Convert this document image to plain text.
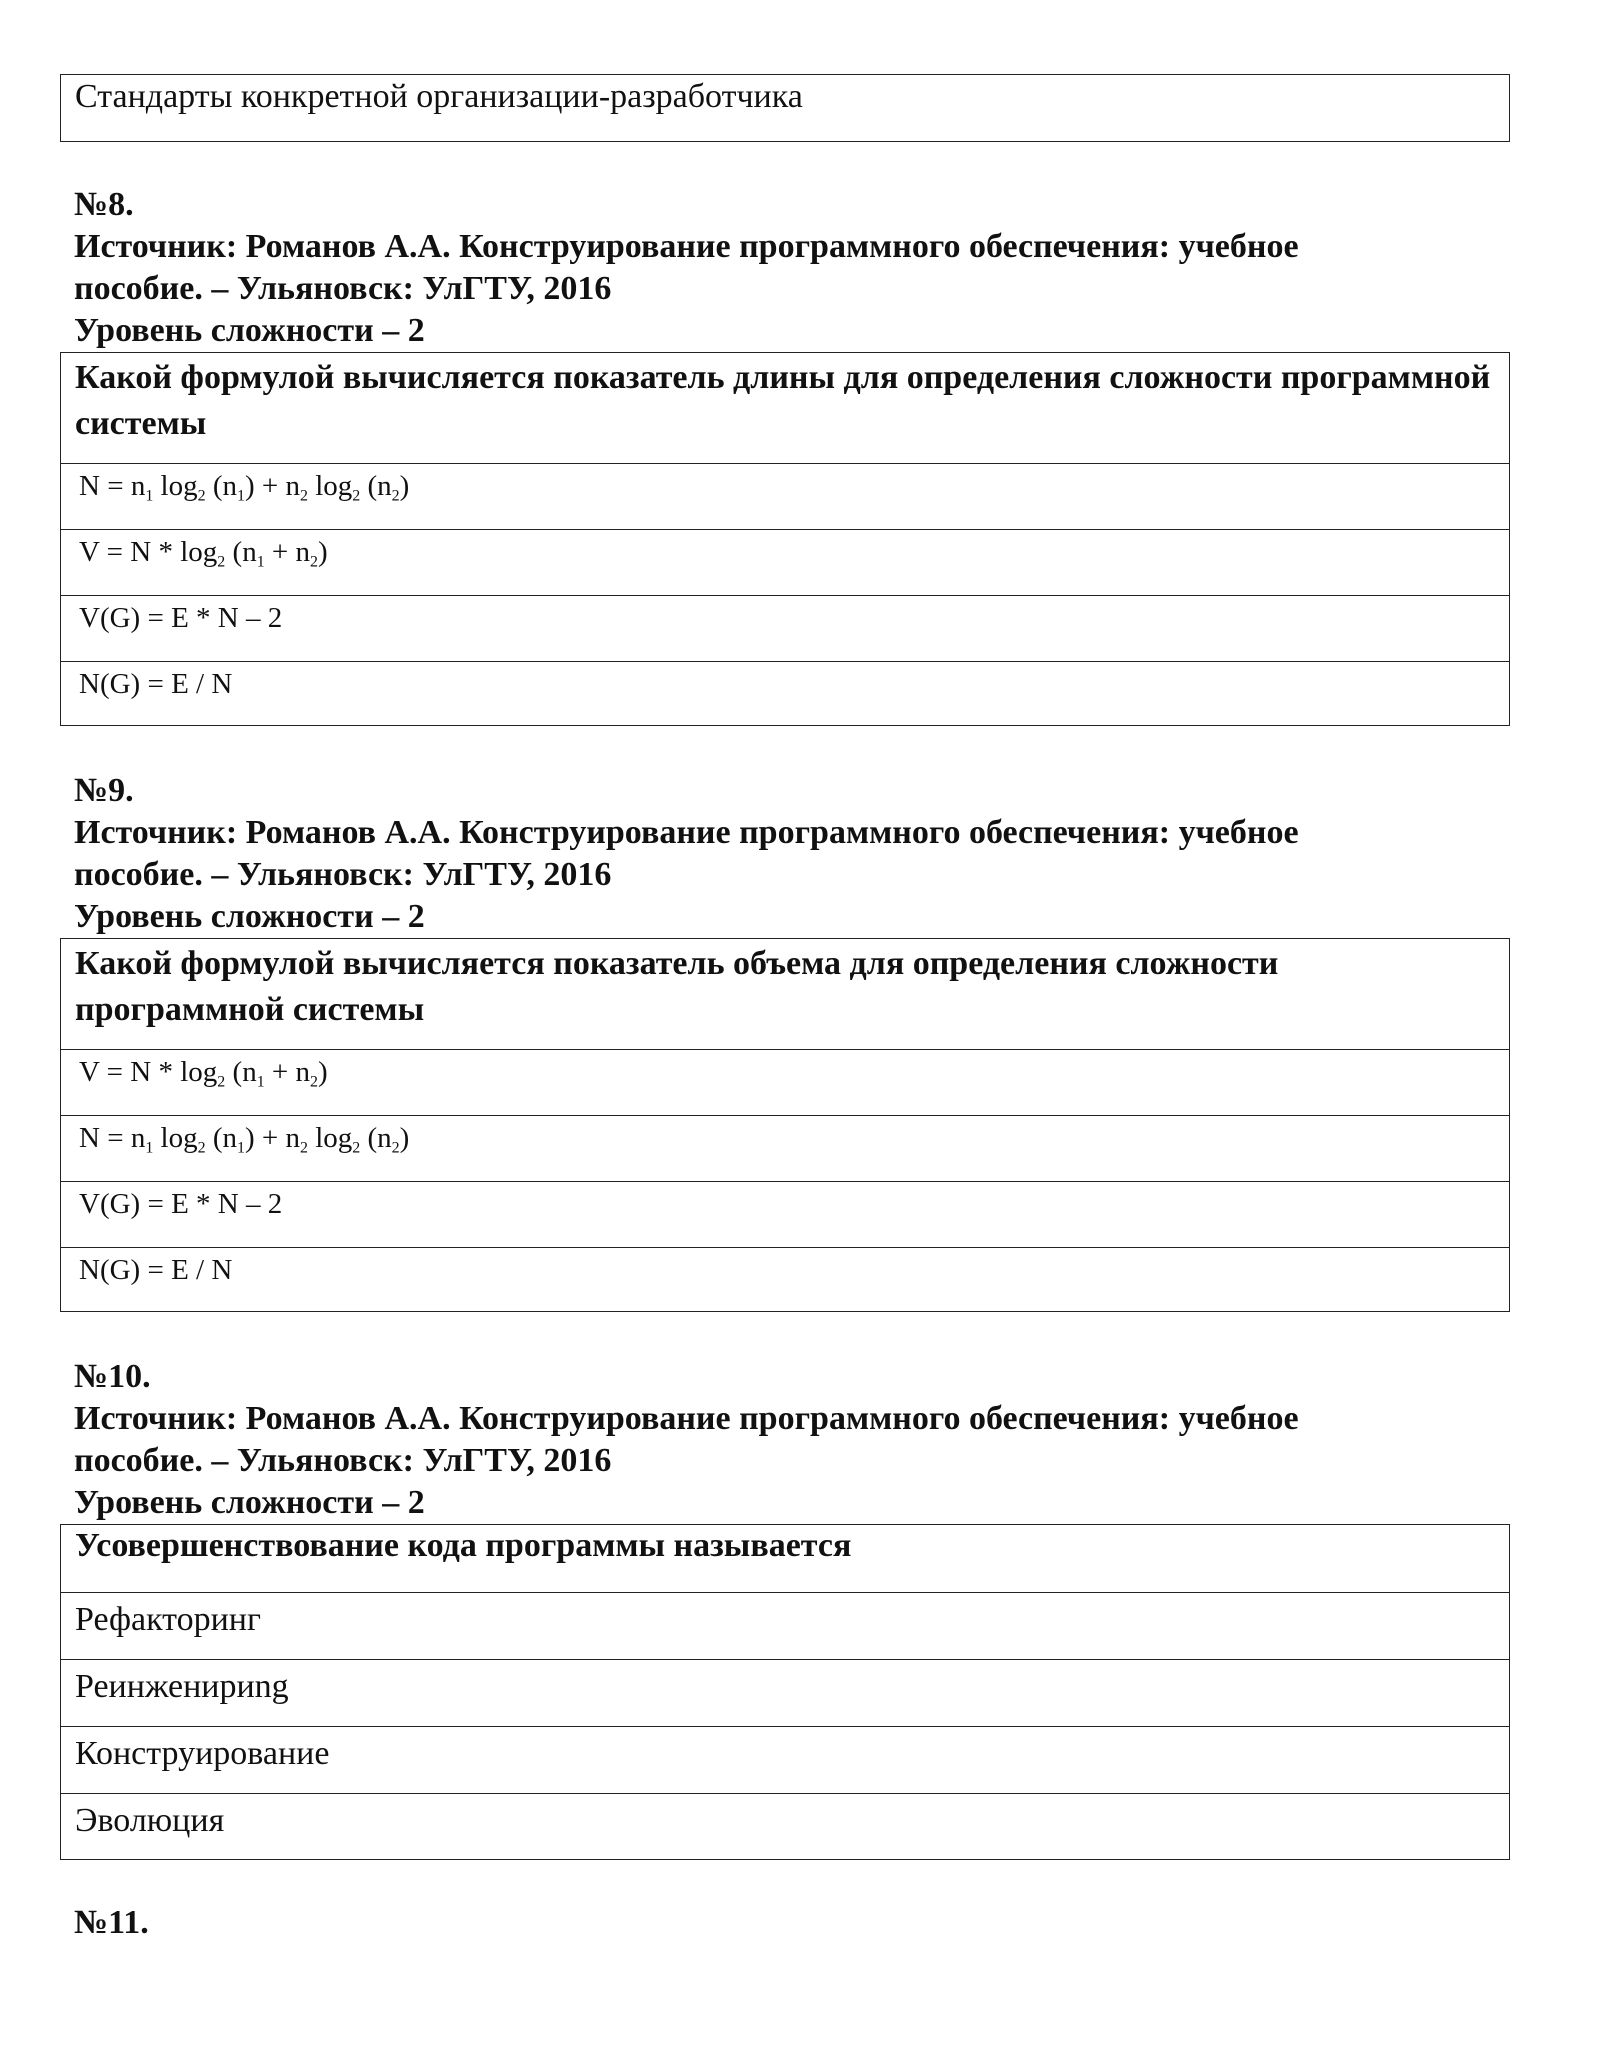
Стандарты конкретной организации-разработчика
№8.
Источник: Романов А.А. Конструирование программного обеспечения: учебное
пособие. – Ульяновск: УлГТУ, 2016
Уровень сложности – 2
Какой формулой вычисляется показатель длины для определения сложности программной системы
$N = n_1$ $\log_2 (n_1) + n_2$ $\log_2 (n_2)$
$V = N * \log_2 (n_1 + n_2)$
V(G) = E * N – 2
N(G) = E / N
№9.
Источник: Романов А.А. Конструирование программного обеспечения: учебное
пособие. – Ульяновск: УлГТУ, 2016
Уровень сложности – 2
Какой формулой вычисляется показатель объема для определения сложности программной системы
$V = N * \log_2 (n_1 + n_2)$
$N = n_1$ $\log_2 (n_1) + n_2$ $\log_2 (n_2)$
V(G) = E * N – 2
N(G) = E / N
№10.
Источник: Романов А.А. Конструирование программного обеспечения: учебное
пособие. – Ульяновск: УлГТУ, 2016
Уровень сложности – 2
Усовершенствование кода программы называется
Рефакторинг
Реинженириng
Конструирование
Эволюция
№11.
